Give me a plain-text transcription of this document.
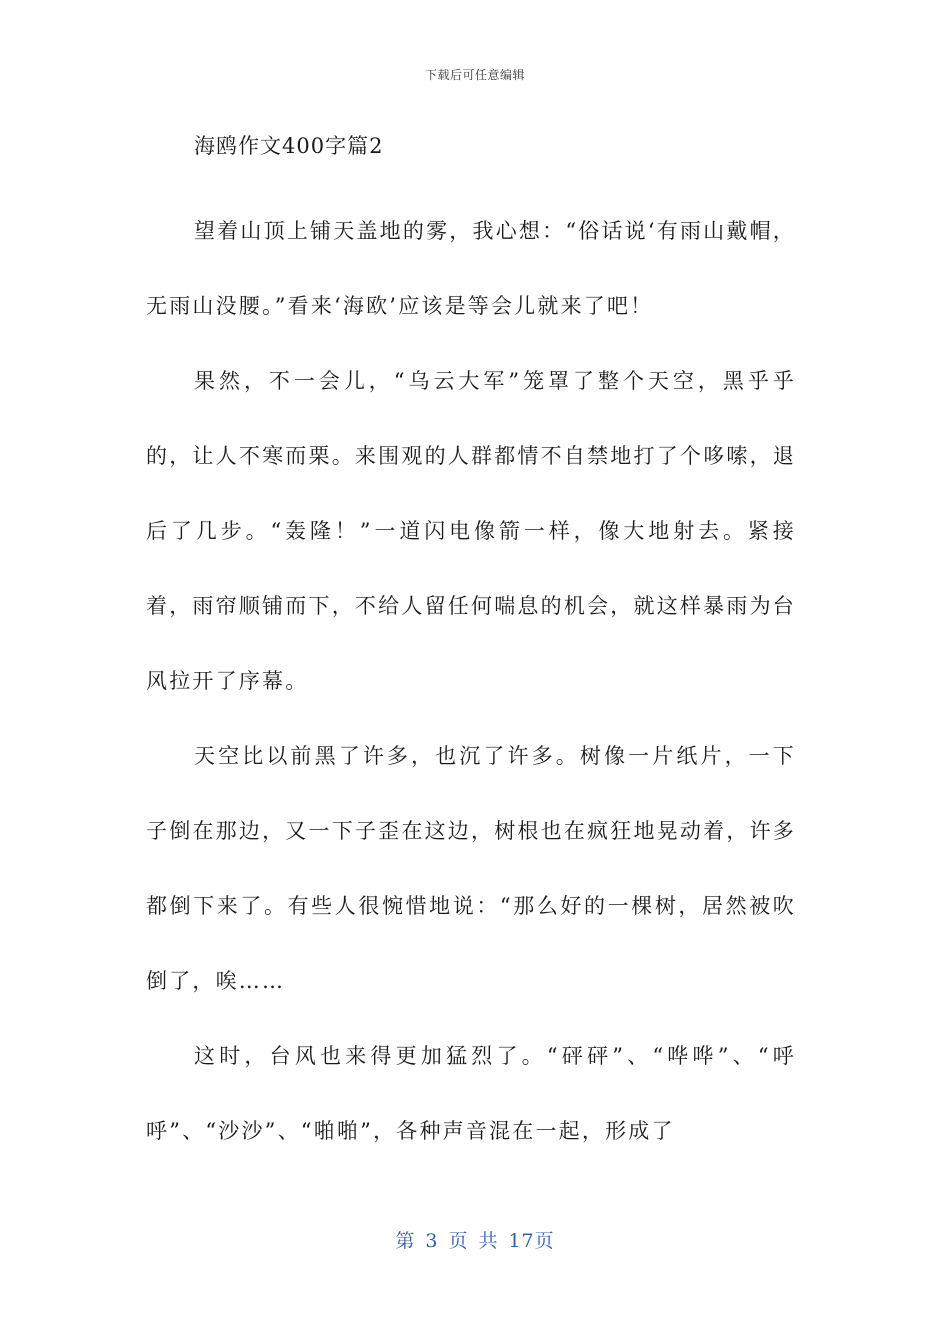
下载后可任意编辑

海鸥作文400字篇2

望着山顶上铺天盖地的雾，我心想：“俗话说‘有雨山戴帽，无雨山没腰。”看来‘海欧’应该是等会儿就来了吧！

果然，不一会儿，“乌云大军”笼罩了整个天空，黑乎乎的，让人不寒而栗。来围观的人群都情不自禁地打了个哆嗦，退后了几步。“轰隆！”一道闪电像箭一样，像大地射去。紧接着，雨帘顺铺而下，不给人留任何喘息的机会，就这样暴雨为台风拉开了序幕。

天空比以前黑了许多，也沉了许多。树像一片纸片，一下子倒在那边，又一下子歪在这边，树根也在疯狂地晃动着，许多都倒下来了。有些人很惋惜地说：“那么好的一棵树，居然被吹倒了，唉……

这时，台风也来得更加猛烈了。“砰砰”、“哗哗”、“呼呼”、“沙沙”、“啪啪”，各种声音混在一起，形成了

第 3 页 共 17页
